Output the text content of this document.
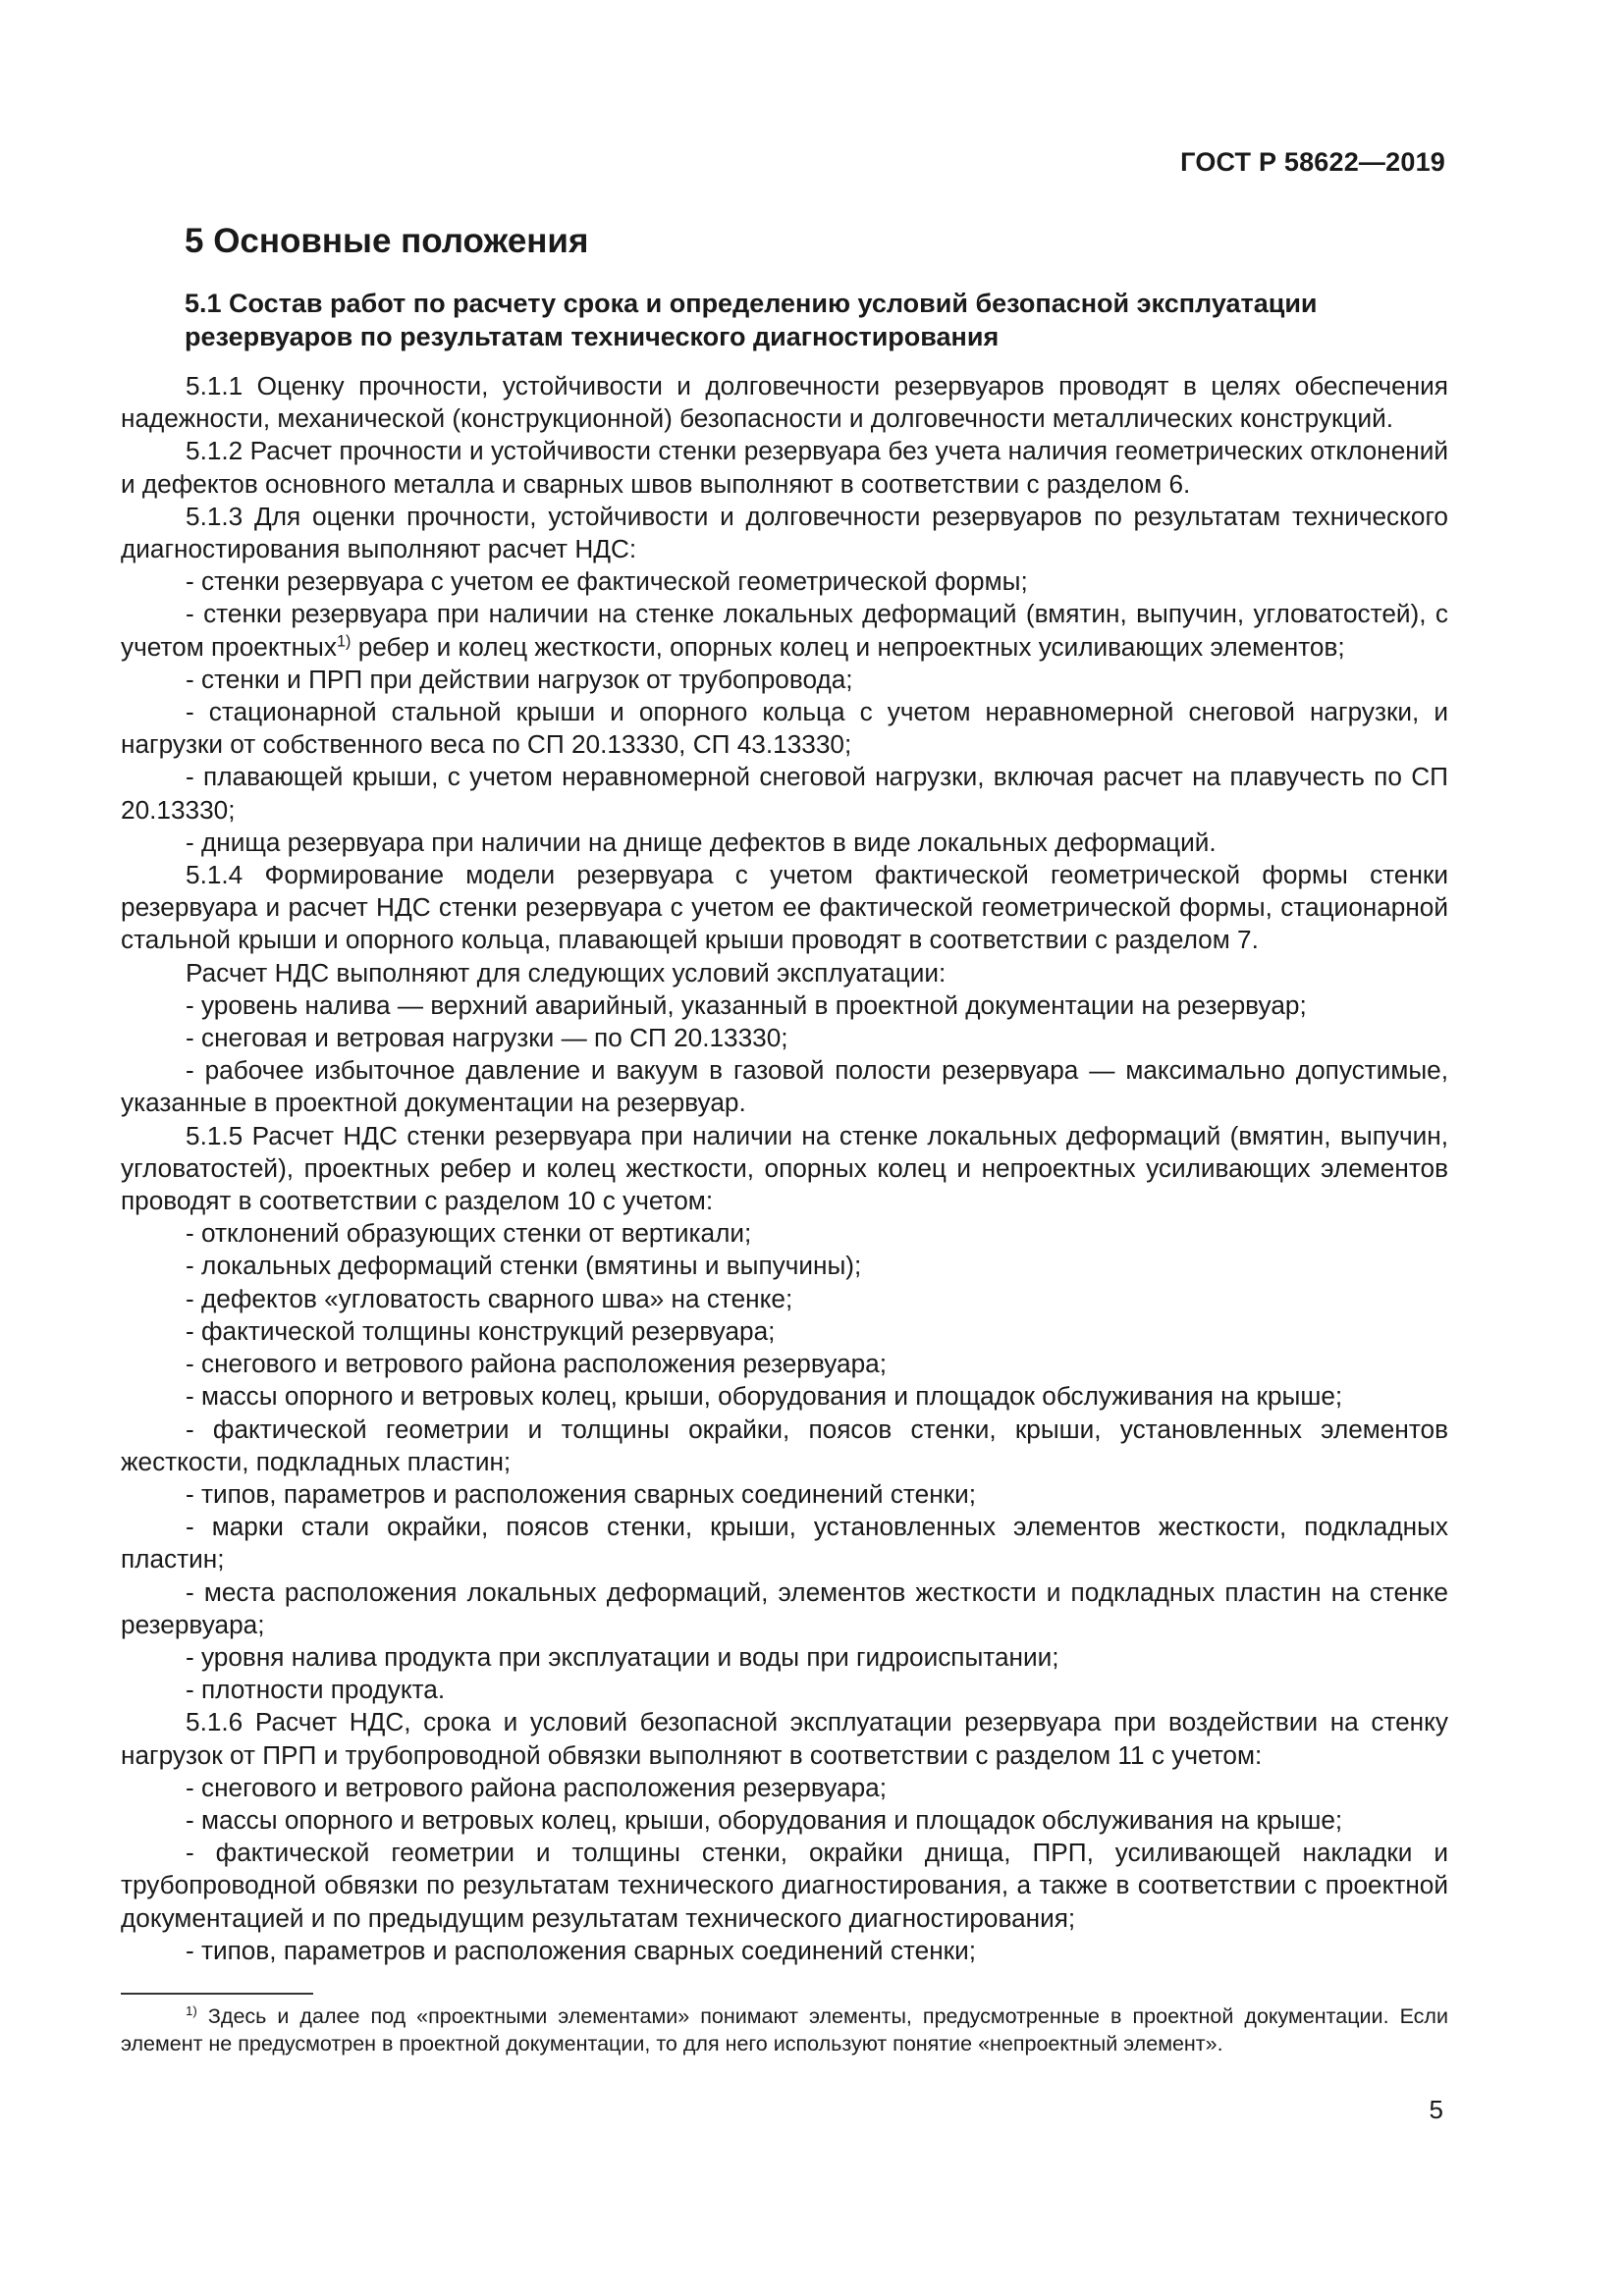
ГОСТ Р 58622—2019
5 Основные положения
5.1 Состав работ по расчету срока и определению условий безопасной эксплуатации резервуаров по результатам технического диагностирования

5.1.1 Оценку прочности, устойчивости и долговечности резервуаров проводят в целях обеспечения надежности, механической (конструкционной) безопасности и долговечности металлических конструкций.

5.1.2 Расчет прочности и устойчивости стенки резервуара без учета наличия геометрических отклонений и дефектов основного металла и сварных швов выполняют в соответствии с разделом 6.

5.1.3 Для оценки прочности, устойчивости и долговечности резервуаров по результатам технического диагностирования выполняют расчет НДС:

- стенки резервуара с учетом ее фактической геометрической формы;

- стенки резервуара при наличии на стенке локальных деформаций (вмятин, выпучин, угловатостей), с учетом проектных$^{1)}$ ребер и колец жесткости, опорных колец и непроектных усиливающих элементов;

- стенки и ПРП при действии нагрузок от трубопровода;

- стационарной стальной крыши и опорного кольца с учетом неравномерной снеговой нагрузки, и нагрузки от собственного веса по СП 20.13330, СП 43.13330;

- плавающей крыши, с учетом неравномерной снеговой нагрузки, включая расчет на плавучесть по СП 20.13330;

- днища резервуара при наличии на днище дефектов в виде локальных деформаций.

5.1.4 Формирование модели резервуара с учетом фактической геометрической формы стенки резервуара и расчет НДС стенки резервуара с учетом ее фактической геометрической формы, стационарной стальной крыши и опорного кольца, плавающей крыши проводят в соответствии с разделом 7.

Расчет НДС выполняют для следующих условий эксплуатации:

- уровень налива — верхний аварийный, указанный в проектной документации на резервуар;

- снеговая и ветровая нагрузки — по СП 20.13330;

- рабочее избыточное давление и вакуум в газовой полости резервуара — максимально допустимые, указанные в проектной документации на резервуар.

5.1.5 Расчет НДС стенки резервуара при наличии на стенке локальных деформаций (вмятин, выпучин, угловатостей), проектных ребер и колец жесткости, опорных колец и непроектных усиливающих элементов проводят в соответствии с разделом 10 с учетом:

- отклонений образующих стенки от вертикали;

- локальных деформаций стенки (вмятины и выпучины);

- дефектов «угловатость сварного шва» на стенке;

- фактической толщины конструкций резервуара;

- снегового и ветрового района расположения резервуара;

- массы опорного и ветровых колец, крыши, оборудования и площадок обслуживания на крыше;

- фактической геометрии и толщины окрайки, поясов стенки, крыши, установленных элементов жесткости, подкладных пластин;

- типов, параметров и расположения сварных соединений стенки;

- марки стали окрайки, поясов стенки, крыши, установленных элементов жесткости, подкладных пластин;

- места расположения локальных деформаций, элементов жесткости и подкладных пластин на стенке резервуара;

- уровня налива продукта при эксплуатации и воды при гидроиспытании;

- плотности продукта.

5.1.6 Расчет НДС, срока и условий безопасной эксплуатации резервуара при воздействии на стенку нагрузок от ПРП и трубопроводной обвязки выполняют в соответствии с разделом 11 с учетом:

- снегового и ветрового района расположения резервуара;

- массы опорного и ветровых колец, крыши, оборудования и площадок обслуживания на крыше;

- фактической геометрии и толщины стенки, окрайки днища, ПРП, усиливающей накладки и трубопроводной обвязки по результатам технического диагностирования, а также в соответствии с проектной документацией и по предыдущим результатам технического диагностирования;

- типов, параметров и расположения сварных соединений стенки;

$^{1)}$ Здесь и далее под «проектными элементами» понимают элементы, предусмотренные в проектной документации. Если элемент не предусмотрен в проектной документации, то для него используют понятие «непроектный элемент».

5
